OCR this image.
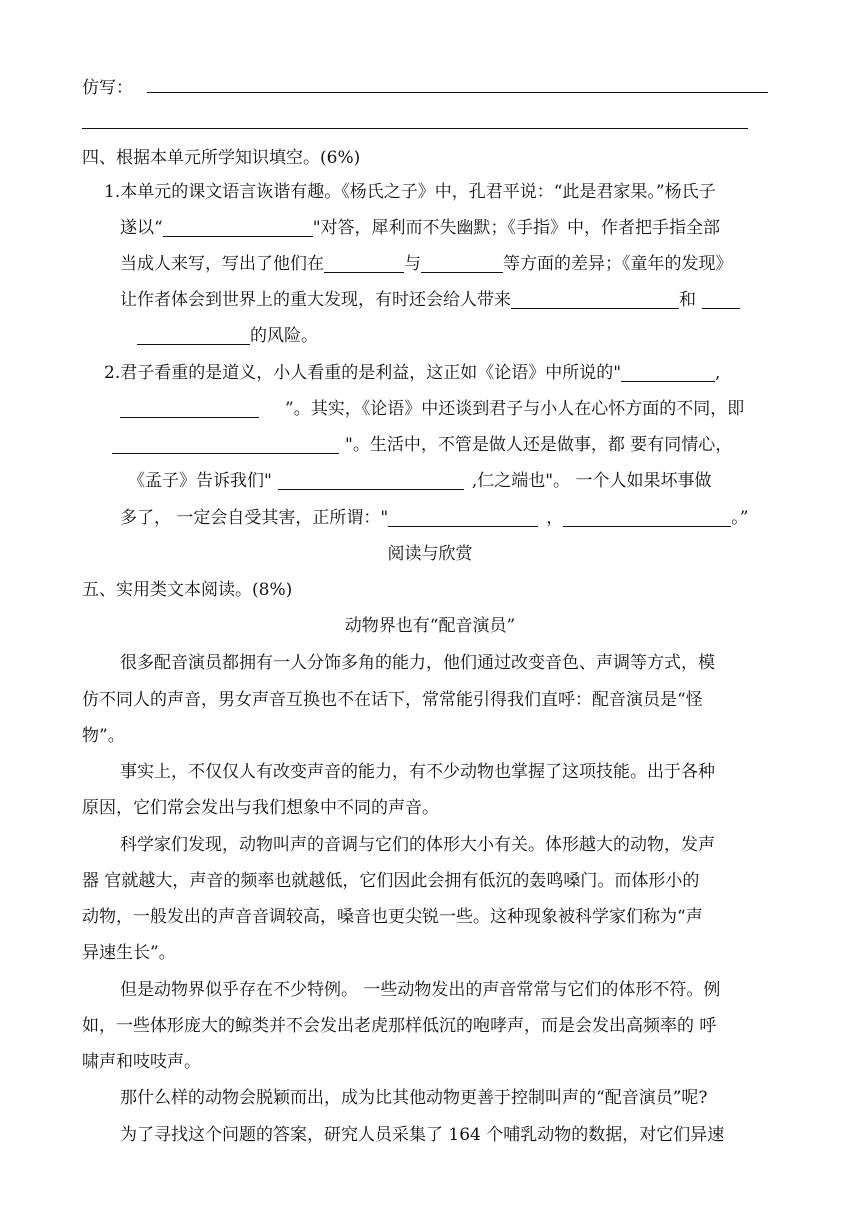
仿写：
四、根据本单元所学知识填空。(6%)
1.本单元的课文语言诙谐有趣。《杨氏之子》中，孔君平说：“此是君家果。”杨氏子
遂以“	"对答，犀利而不失幽默；《手指》中，作者把手指全部
当成人来写，写出了他们在	与	等方面的差异；《童年的发现》
让作者体会到世界上的重大发现，有时还会给人带来	和
的风险。
2.君子看重的是道义，小人看重的是利益，这正如《论语》中所说的"	,
”。其实，《论语》中还谈到君子与小人在心怀方面的不同，即
"。生活中，不管是做人还是做事，都 要有同情心，
《孟子》告诉我们"	,仁之端也"。 一个人如果坏事做
多了， 一定会自受其害，正所谓："	，	。”
阅读与欣赏
五、实用类文本阅读。(8%)
动物界也有“配音演员”
很多配音演员都拥有一人分饰多角的能力，他们通过改变音色、声调等方式，模
仿不同人的声音，男女声音互换也不在话下，常常能引得我们直呼：配音演员是“怪
物”。
事实上，不仅仅人有改变声音的能力，有不少动物也掌握了这项技能。出于各种
原因，它们常会发出与我们想象中不同的声音。
科学家们发现，动物叫声的音调与它们的体形大小有关。体形越大的动物，发声
器 官就越大，声音的频率也就越低，它们因此会拥有低沉的轰鸣嗓门。而体形小的
动物，一般发出的声音音调较高，嗓音也更尖锐一些。这种现象被科学家们称为“声
异速生长”。
但是动物界似乎存在不少特例。 一些动物发出的声音常常与它们的体形不符。例
如，一些体形庞大的鲸类并不会发出老虎那样低沉的咆哮声，而是会发出高频率的 呼
啸声和吱吱声。
那什么样的动物会脱颖而出，成为比其他动物更善于控制叫声的“配音演员”呢?
为了寻找这个问题的答案，研究人员采集了 164 个哺乳动物的数据，对它们异速
